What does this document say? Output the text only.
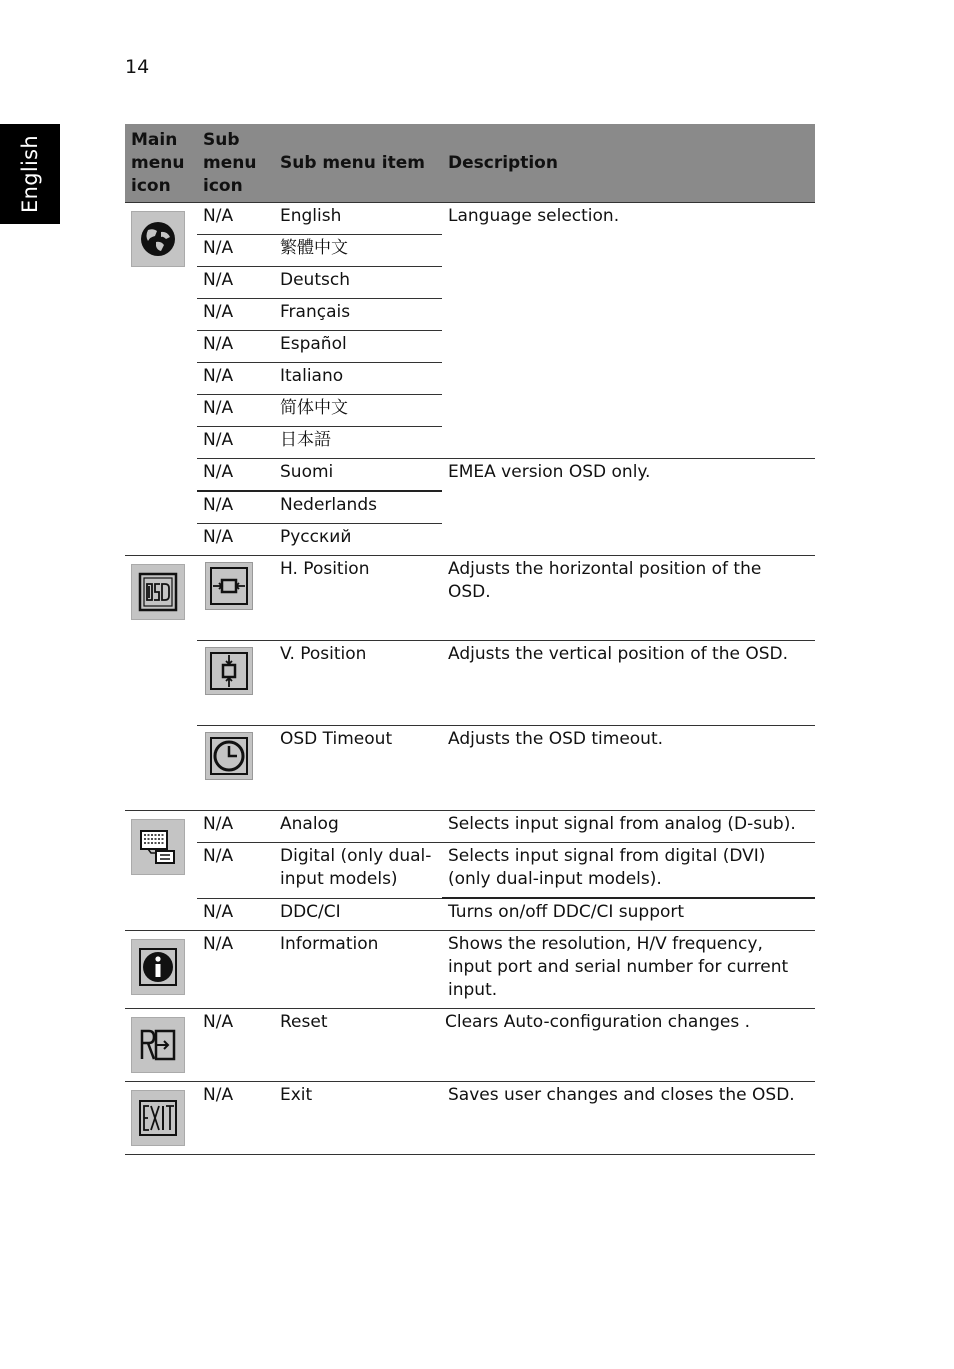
14
English	Main menu icon	Sub menu icon	Sub menu item	Description

	N/A	English	Language selection.
	N/A	繁體中文	
	N/A	Deutsch	
	N/A	Français	
	N/A	Español	
	N/A	Italiano	
	N/A	简体中文	
	N/A	日本語	
	N/A	Suomi	EMEA version OSD only.
	N/A	Nederlands	
	N/A	Русский	

	H. Position	Adjusts the horizontal position of the OSD.

	V. Position	Adjusts the vertical position of the OSD.

	OSD Timeout	Adjusts the OSD timeout.

	N/A	Analog	Selects input signal from analog (D-sub).
	N/A	Digital (only dual-input models)	Selects input signal from digital (DVI) (only dual-input models).
	N/A	DDC/CI	Turns on/off DDC/CI support

	N/A	Information	Shows the resolution, H/V frequency, input port and serial number for current input.

	N/A	Reset	Clears Auto-configuration changes .

	N/A	Exit	Saves user changes and closes the OSD.
